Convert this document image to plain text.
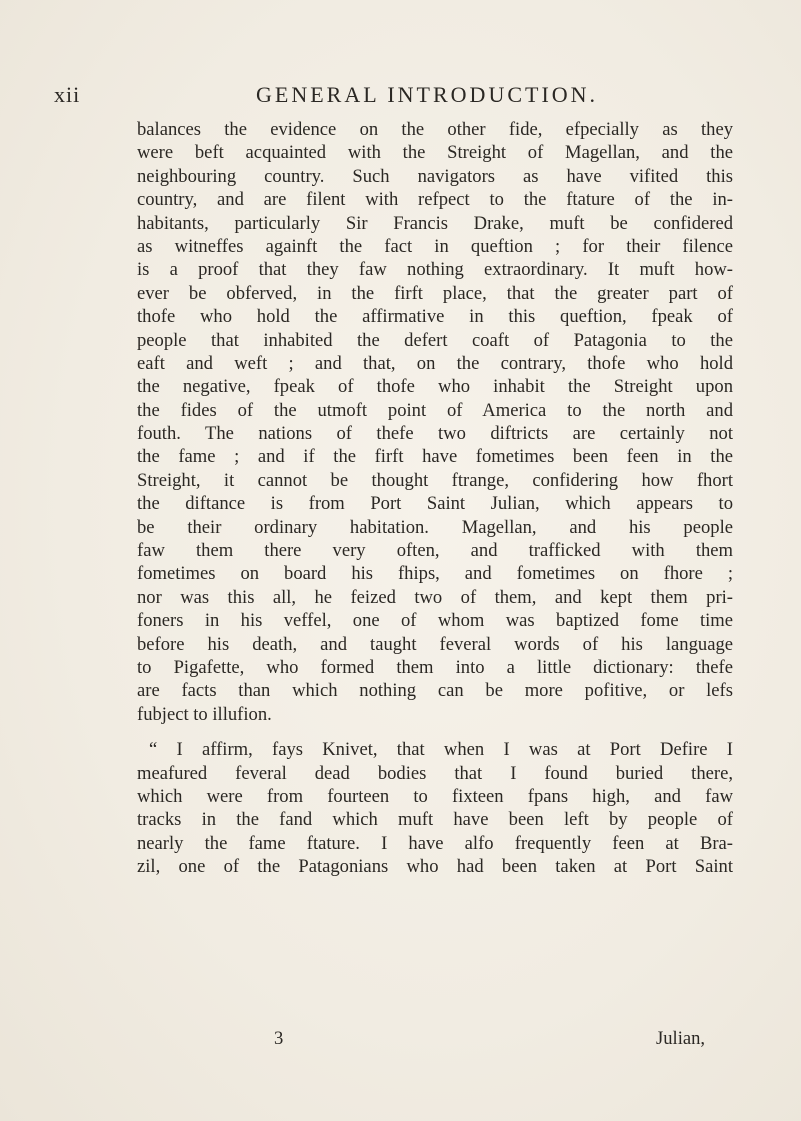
xii	GENERAL INTRODUCTION.
balances the evidence on the other fide, efpecially as they
were beft acquainted with the Streight of Magellan, and the
neighbouring country. Such navigators as have vifited this
country, and are filent with refpect to the ftature of the in-
habitants, particularly Sir Francis Drake, muft be confidered
as witneffes againft the fact in queftion ; for their filence
is a proof that they faw nothing extraordinary. It muft how-
ever be obferved, in the firft place, that the greater part of
thofe who hold the affirmative in this queftion, fpeak of
people that inhabited the defert coaft of Patagonia to the
eaft and weft ; and that, on the contrary, thofe who hold
the negative, fpeak of thofe who inhabit the Streight upon
the fides of the utmoft point of America to the north and
fouth. The nations of thefe two diftricts are certainly not
the fame ; and if the firft have fometimes been feen in the
Streight, it cannot be thought ftrange, confidering how fhort
the diftance is from Port Saint Julian, which appears to
be their ordinary habitation. Magellan, and his people
faw them there very often, and trafficked with them
fometimes on board his fhips, and fometimes on fhore ;
nor was this all, he feized two of them, and kept them pri-
foners in his veffel, one of whom was baptized fome time
before his death, and taught feveral words of his language
to Pigafette, who formed them into a little dictionary: thefe
are facts than which nothing can be more pofitive, or lefs
fubject to illufion.
“ I affirm, fays Knivet, that when I was at Port Defire I
meafured feveral dead bodies that I found buried there,
which were from fourteen to fixteen fpans high, and faw
tracks in the fand which muft have been left by people of
nearly the fame ftature. I have alfo frequently feen at Bra-
zil, one of the Patagonians who had been taken at Port Saint
3	Julian,
